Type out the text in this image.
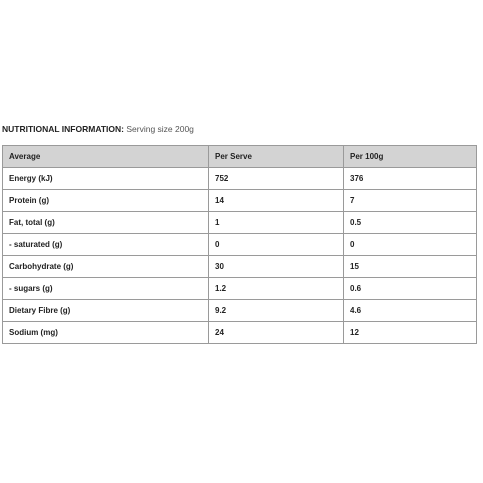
NUTRITIONAL INFORMATION: Serving size 200g
Average	Per Serve	Per 100g
Energy (kJ)	752	376
Protein (g)	14	7
Fat, total (g)	1	0.5
- saturated (g)	0	0
Carbohydrate (g)	30	15
- sugars (g)	1.2	0.6
Dietary Fibre (g)	9.2	4.6
Sodium (mg)	24	12
